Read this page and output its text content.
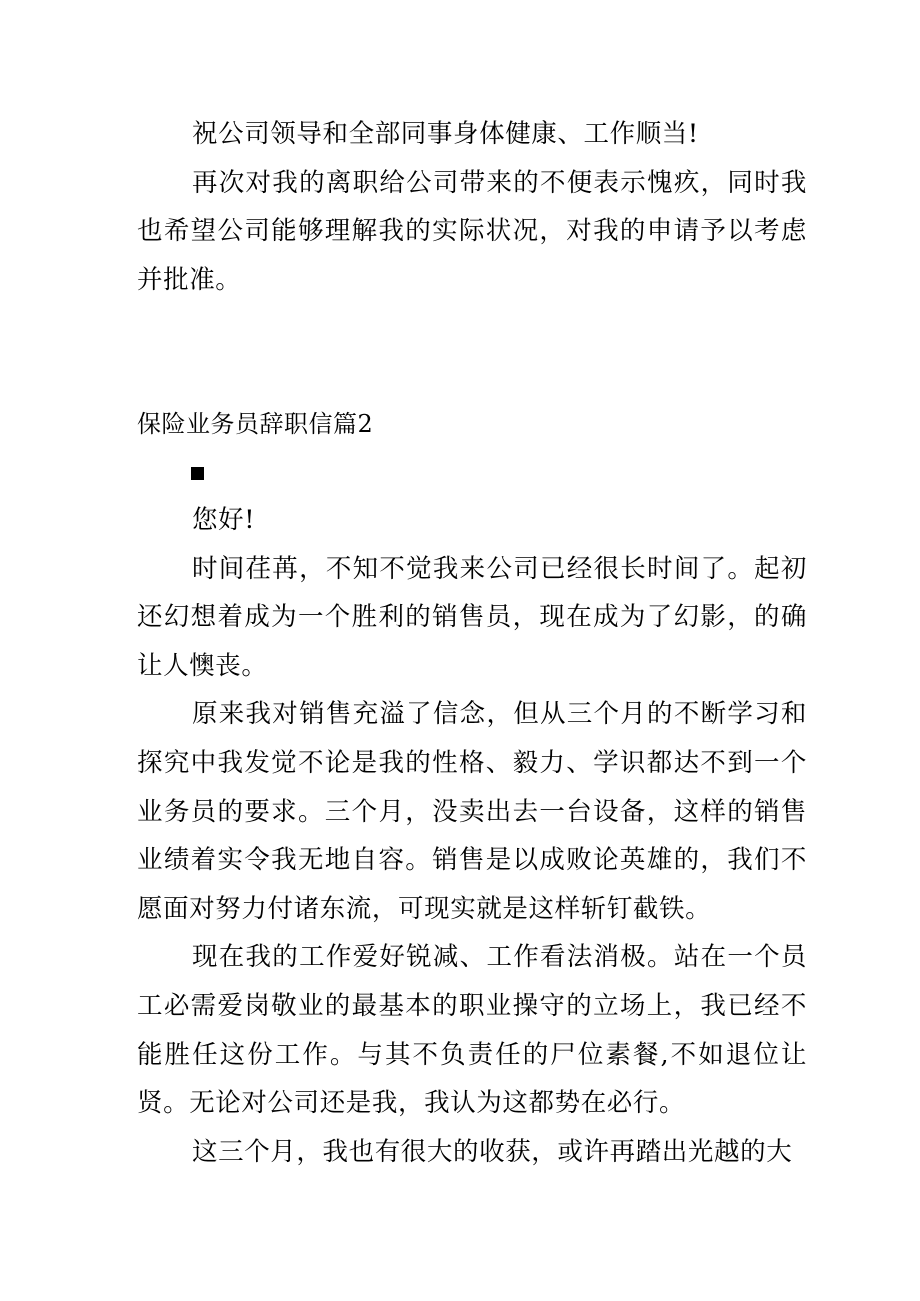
祝公司领导和全部同事身体健康、工作顺当!

再次对我的离职给公司带来的不便表示愧疚，同时我也希望公司能够理解我的实际状况，对我的申请予以考虑并批准。

保险业务员辞职信篇2

您好!

时间荏苒，不知不觉我来公司已经很长时间了。起初还幻想着成为一个胜利的销售员，现在成为了幻影，的确让人懊丧。

原来我对销售充溢了信念，但从三个月的不断学习和探究中我发觉不论是我的性格、毅力、学识都达不到一个业务员的要求。三个月，没卖出去一台设备，这样的销售业绩着实令我无地自容。销售是以成败论英雄的，我们不愿面对努力付诸东流，可现实就是这样斩钉截铁。

现在我的工作爱好锐减、工作看法消极。站在一个员工必需爱岗敬业的最基本的职业操守的立场上，我已经不能胜任这份工作。与其不负责任的尸位素餐,不如退位让贤。无论对公司还是我，我认为这都势在必行。

这三个月，我也有很大的收获，或许再踏出光越的大
